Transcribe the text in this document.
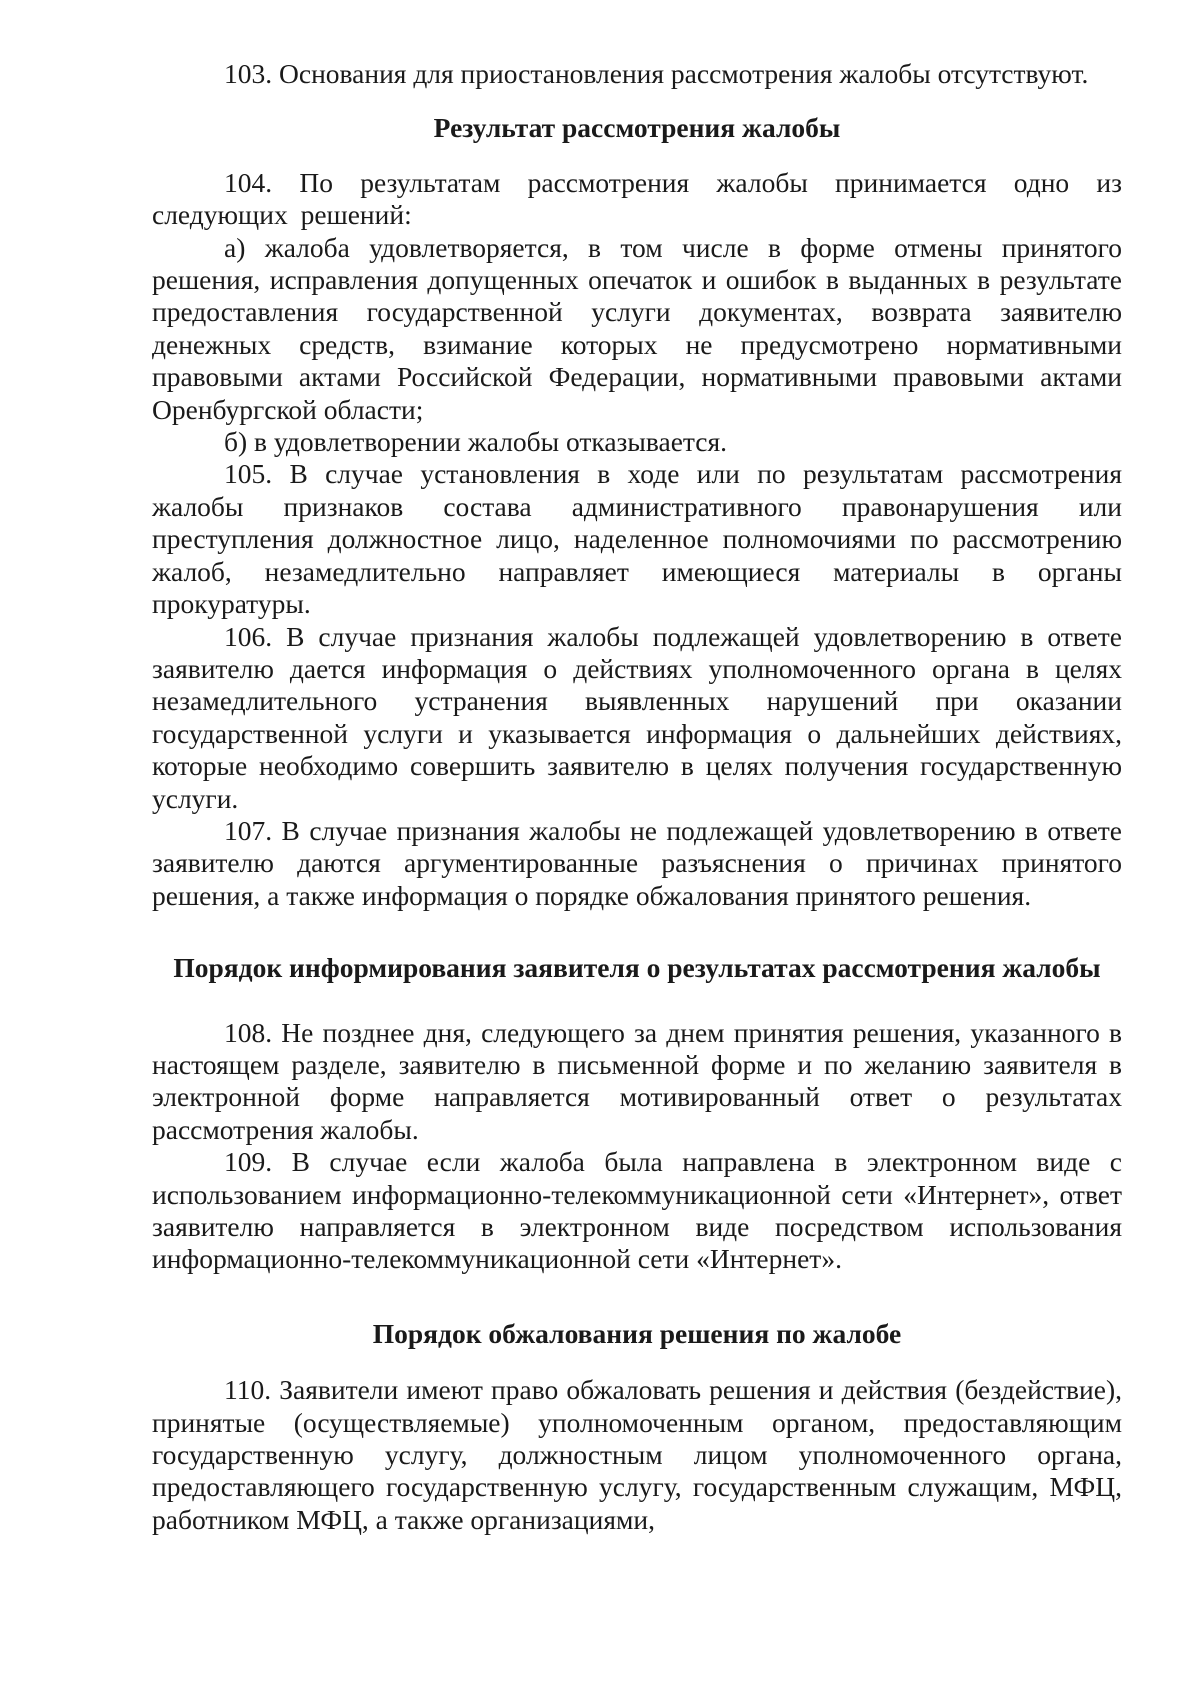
103. Основания для приостановления рассмотрения жалобы отсутствуют.

Результат рассмотрения жалобы

104. По результатам рассмотрения жалобы принимается одно из следующих решений:

а) жалоба удовлетворяется, в том числе в форме отмены принятого решения, исправления допущенных опечаток и ошибок в выданных в результате предоставления государственной услуги документах, возврата заявителю денежных средств, взимание которых не предусмотрено нормативными правовыми актами Российской Федерации, нормативными правовыми актами Оренбургской области;

б) в удовлетворении жалобы отказывается.

105. В случае установления в ходе или по результатам рассмотрения жалобы признаков состава административного правонарушения или преступления должностное лицо, наделенное полномочиями по рассмотрению жалоб, незамедлительно направляет имеющиеся материалы в органы прокуратуры.

106. В случае признания жалобы подлежащей удовлетворению в ответе заявителю дается информация о действиях уполномоченного органа в целях незамедлительного устранения выявленных нарушений при оказании государственной услуги и указывается информация о дальнейших действиях, которые необходимо совершить заявителю в целях получения государственную услуги.

107. В случае признания жалобы не подлежащей удовлетворению в ответе заявителю даются аргументированные разъяснения о причинах принятого решения, а также информация о порядке обжалования принятого решения.

Порядок информирования заявителя о результатах рассмотрения жалобы

108. Не позднее дня, следующего за днем принятия решения, указанного в настоящем разделе, заявителю в письменной форме и по желанию заявителя в электронной форме направляется мотивированный ответ о результатах рассмотрения жалобы.

109. В случае если жалоба была направлена в электронном виде с использованием информационно-телекоммуникационной сети «Интернет», ответ заявителю направляется в электронном виде посредством использования информационно-телекоммуникационной сети «Интернет».

Порядок обжалования решения по жалобе

110. Заявители имеют право обжаловать решения и действия (бездействие), принятые (осуществляемые) уполномоченным органом, предоставляющим государственную услугу, должностным лицом уполномоченного органа, предоставляющего государственную услугу, государственным служащим, МФЦ, работником МФЦ, а также организациями,
